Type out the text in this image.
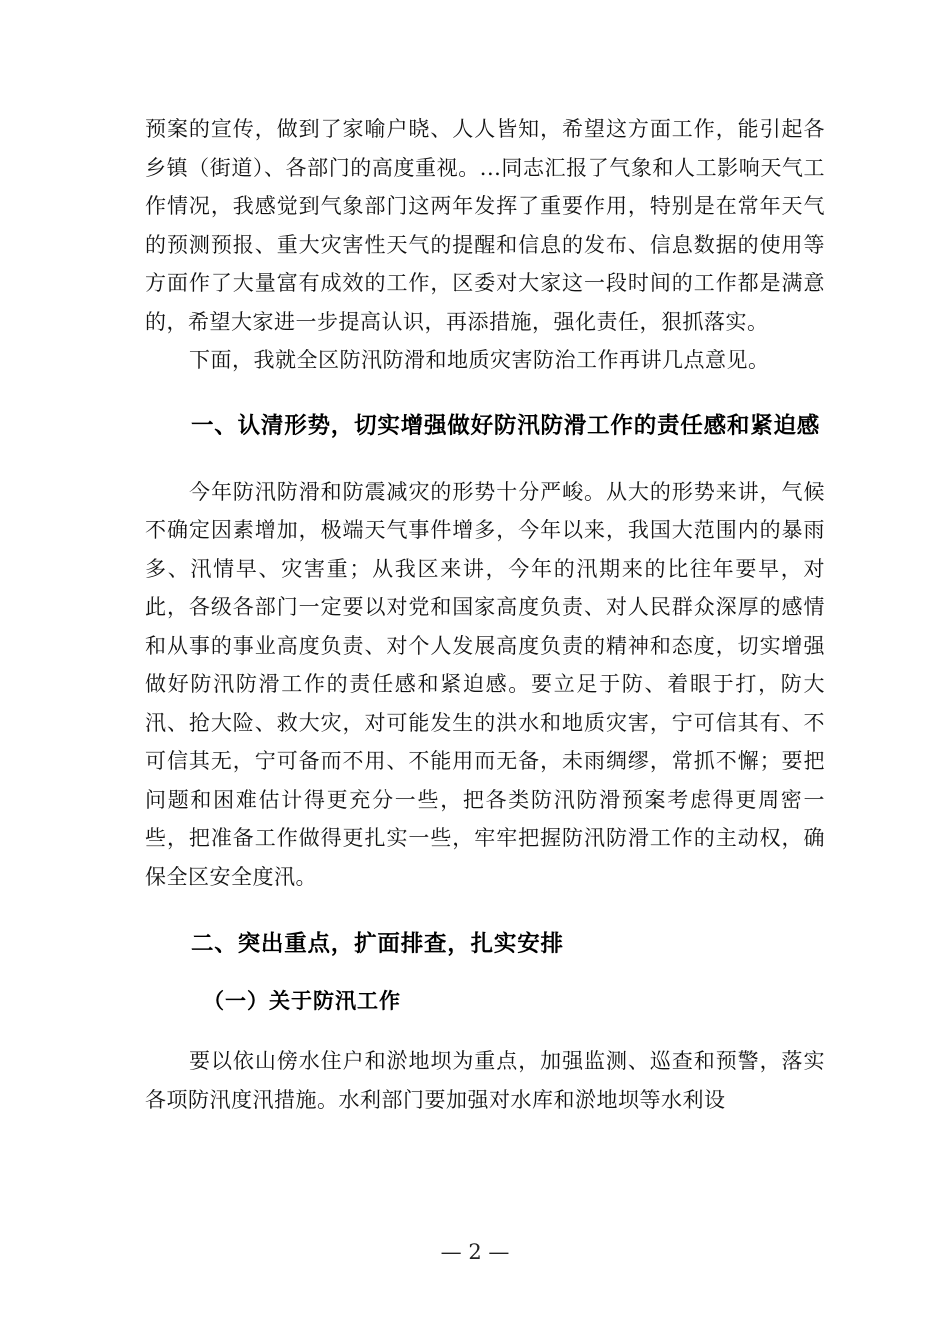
预案的宣传，做到了家喻户晓、人人皆知，希望这方面工作，能引起各乡镇（街道）、各部门的高度重视。...同志汇报了气象和人工影响天气工作情况，我感觉到气象部门这两年发挥了重要作用，特别是在常年天气的预测预报、重大灾害性天气的提醒和信息的发布、信息数据的使用等方面作了大量富有成效的工作，区委对大家这一段时间的工作都是满意的，希望大家进一步提高认识，再添措施，强化责任，狠抓落实。

下面，我就全区防汛防滑和地质灾害防治工作再讲几点意见。

一、认清形势，切实增强做好防汛防滑工作的责任感和紧迫感

今年防汛防滑和防震减灾的形势十分严峻。从大的形势来讲，气候不确定因素增加，极端天气事件增多，今年以来，我国大范围内的暴雨多、汛情早、灾害重；从我区来讲，今年的汛期来的比往年要早，对此，各级各部门一定要以对党和国家高度负责、对人民群众深厚的感情和从事的事业高度负责、对个人发展高度负责的精神和态度，切实增强做好防汛防滑工作的责任感和紧迫感。要立足于防、着眼于打，防大汛、抢大险、救大灾，对可能发生的洪水和地质灾害，宁可信其有、不可信其无，宁可备而不用、不能用而无备，未雨绸缪，常抓不懈；要把问题和困难估计得更充分一些，把各类防汛防滑预案考虑得更周密一些，把准备工作做得更扎实一些，牢牢把握防汛防滑工作的主动权，确保全区安全度汛。

二、突出重点，扩面排查，扎实安排
（一）关于防汛工作

要以依山傍水住户和淤地坝为重点，加强监测、巡查和预警，落实各项防汛度汛措施。水利部门要加强对水库和淤地坝等水利设

— 2 —
